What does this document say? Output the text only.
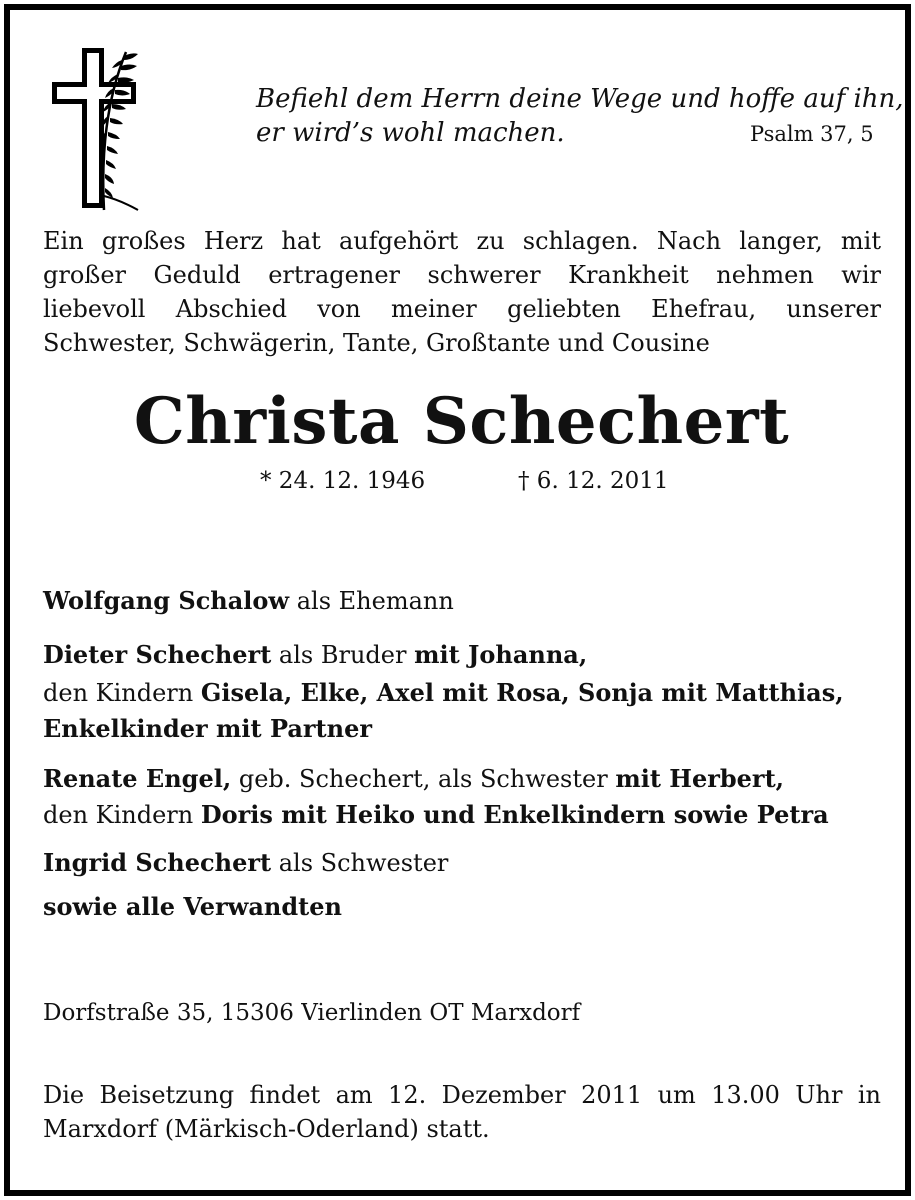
Befiehl dem Herrn deine Wege und hoffe auf ihn,
er wird’s wohl machen.	Psalm 37, 5
Ein großes Herz hat aufgehört zu schlagen. Nach langer, mit
großer Geduld ertragener schwerer Krankheit nehmen wir
liebevoll Abschied von meiner geliebten Ehefrau, unserer
Schwester, Schwägerin, Tante, Großtante und Cousine
Christa Schechert
* 24. 12. 1946	† 6. 12. 2011
Wolfgang Schalow als Ehemann
Dieter Schechert als Bruder mit Johanna,
den Kindern Gisela, Elke, Axel mit Rosa, Sonja mit Matthias,
Enkelkinder mit Partner
Renate Engel, geb. Schechert, als Schwester mit Herbert,
den Kindern Doris mit Heiko und Enkelkindern sowie Petra
Ingrid Schechert als Schwester
sowie alle Verwandten
Dorfstraße 35, 15306 Vierlinden OT Marxdorf
Die Beisetzung findet am 12. Dezember 2011 um 13.00 Uhr in
Marxdorf (Märkisch-Oderland) statt.
